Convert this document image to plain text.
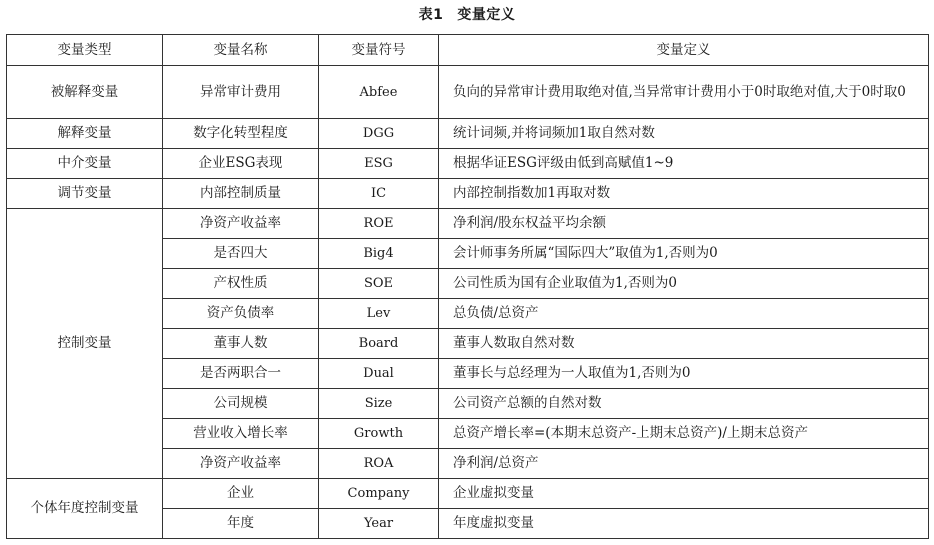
表1 变量定义
变量类型	变量名称	变量符号	变量定义
被解释变量	异常审计费用	Abfee	负向的异常审计费用取绝对值,当异常审计费用小于0时取绝对值,大于0时取0
解释变量	数字化转型程度	DGG	统计词频,并将词频加1取自然对数
中介变量	企业ESG表现	ESG	根据华证ESG评级由低到高赋值1~9
调节变量	内部控制质量	IC	内部控制指数加1再取对数
控制变量	净资产收益率	ROE	净利润/股东权益平均余额
	是否四大	Big4	会计师事务所属“国际四大”取值为1,否则为0
	产权性质	SOE	公司性质为国有企业取值为1,否则为0
	资产负债率	Lev	总负债/总资产
	董事人数	Board	董事人数取自然对数
	是否两职合一	Dual	董事长与总经理为一人取值为1,否则为0
	公司规模	Size	公司资产总额的自然对数
	营业收入增长率	Growth	总资产增长率=(本期末总资产-上期末总资产)/上期末总资产
	净资产收益率	ROA	净利润/总资产
个体年度控制变量	企业	Company	企业虚拟变量
	年度	Year	年度虚拟变量
